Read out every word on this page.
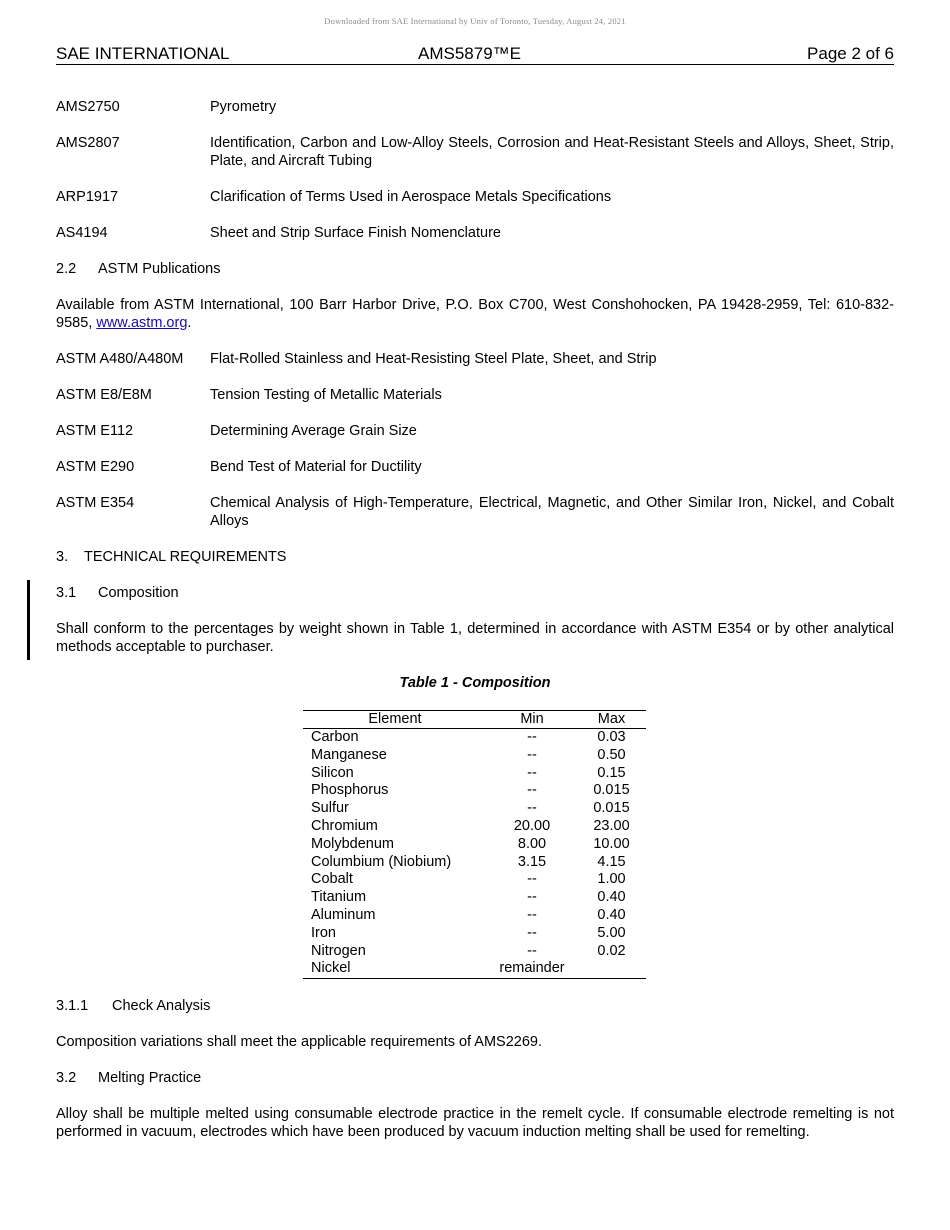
Downloaded from SAE International by Univ of Toronto, Tuesday, August 24, 2021
SAE INTERNATIONAL	AMS5879™E	Page 2 of 6
AMS2750	Pyrometry
AMS2807	Identification, Carbon and Low-Alloy Steels, Corrosion and Heat-Resistant Steels and Alloys, Sheet, Strip, Plate, and Aircraft Tubing
ARP1917	Clarification of Terms Used in Aerospace Metals Specifications
AS4194	Sheet and Strip Surface Finish Nomenclature
2.2 ASTM Publications
Available from ASTM International, 100 Barr Harbor Drive, P.O. Box C700, West Conshohocken, PA 19428-2959, Tel: 610-832-9585, www.astm.org.
ASTM A480/A480M	Flat-Rolled Stainless and Heat-Resisting Steel Plate, Sheet, and Strip
ASTM E8/E8M	Tension Testing of Metallic Materials
ASTM E112	Determining Average Grain Size
ASTM E290	Bend Test of Material for Ductility
ASTM E354	Chemical Analysis of High-Temperature, Electrical, Magnetic, and Other Similar Iron, Nickel, and Cobalt Alloys
3. TECHNICAL REQUIREMENTS
3.1 Composition
Shall conform to the percentages by weight shown in Table 1, determined in accordance with ASTM E354 or by other analytical methods acceptable to purchaser.
Table 1 - Composition
Element	Min	Max
Carbon	--	0.03
Manganese	--	0.50
Silicon	--	0.15
Phosphorus	--	0.015
Sulfur	--	0.015
Chromium	20.00	23.00
Molybdenum	8.00	10.00
Columbium (Niobium)	3.15	4.15
Cobalt	--	1.00
Titanium	--	0.40
Aluminum	--	0.40
Iron	--	5.00
Nitrogen	--	0.02
Nickel	remainder	
3.1.1 Check Analysis
Composition variations shall meet the applicable requirements of AMS2269.
3.2 Melting Practice
Alloy shall be multiple melted using consumable electrode practice in the remelt cycle. If consumable electrode remelting is not performed in vacuum, electrodes which have been produced by vacuum induction melting shall be used for remelting.
